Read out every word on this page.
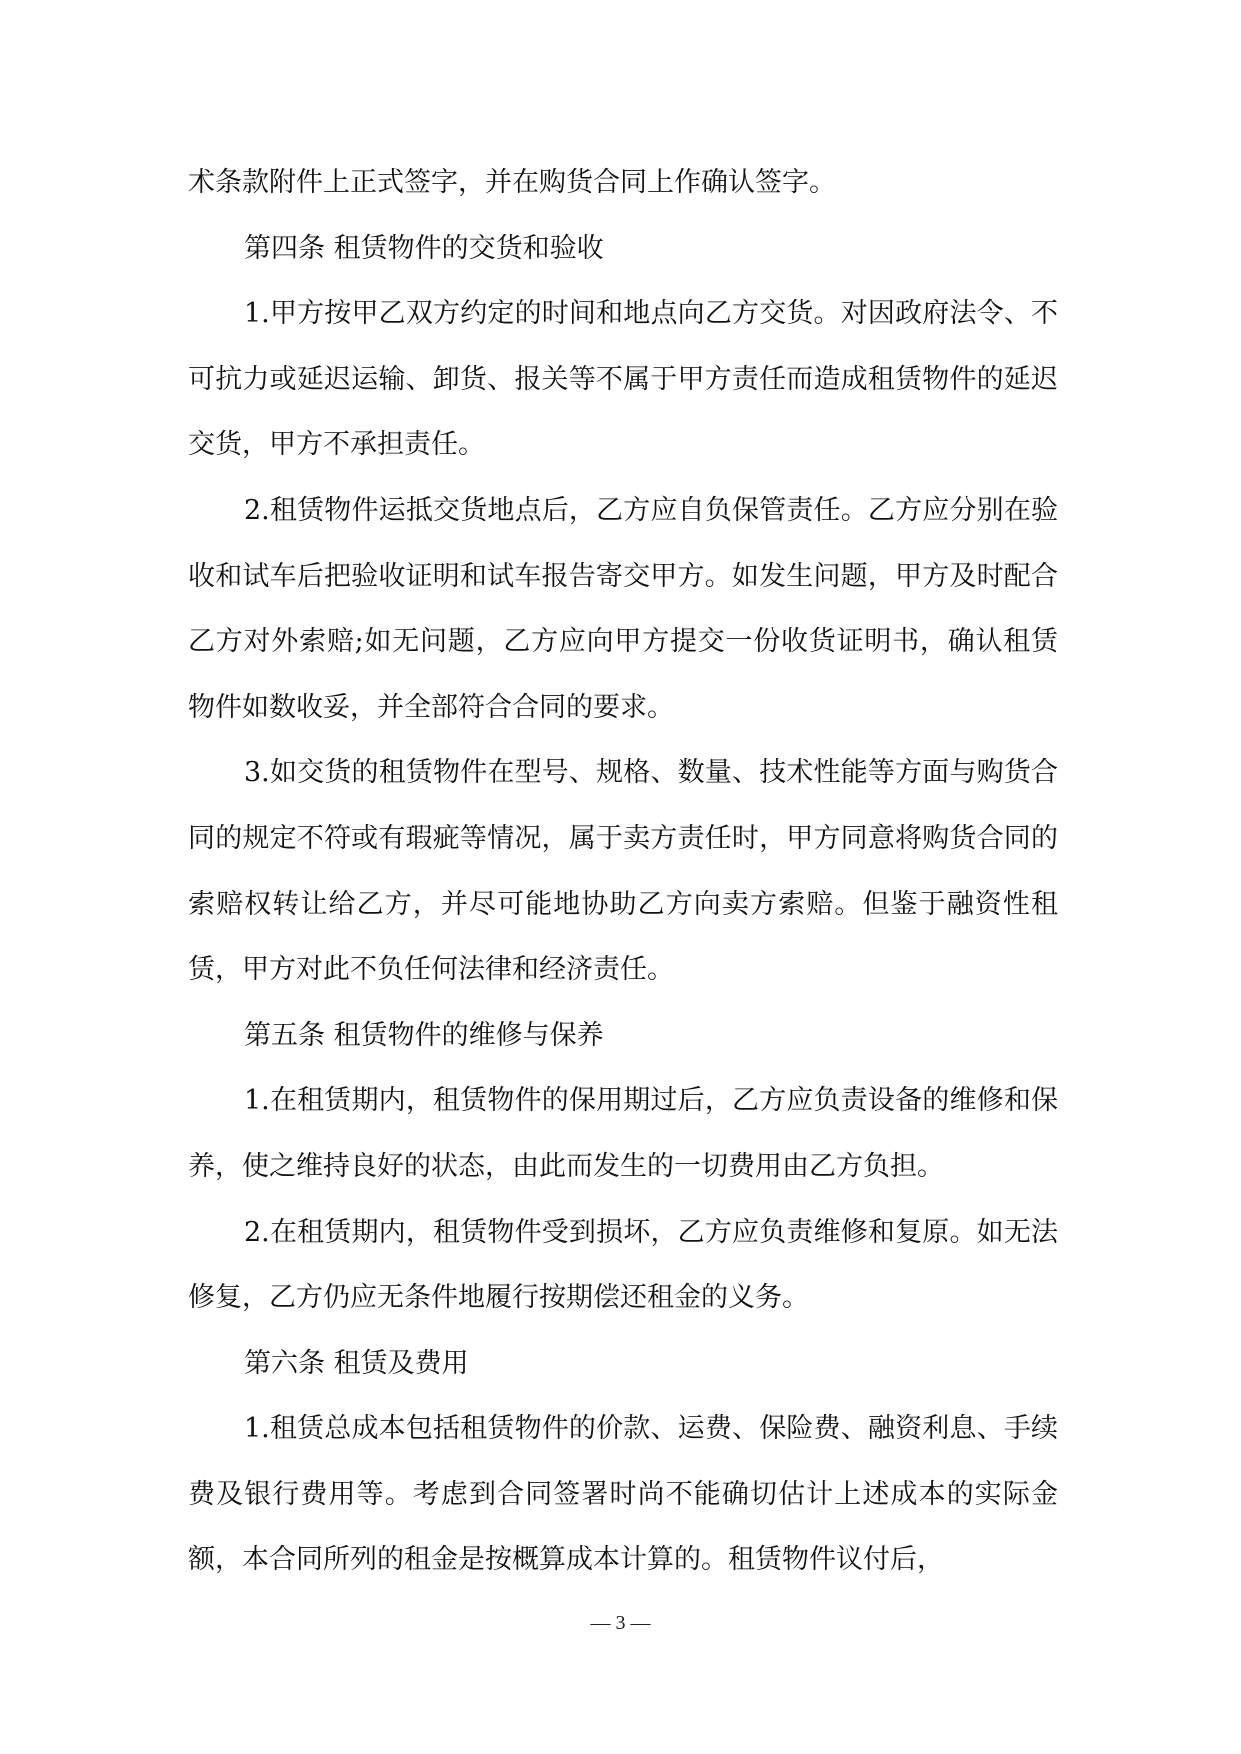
术条款附件上正式签字，并在购货合同上作确认签字。

第四条 租赁物件的交货和验收

1.甲方按甲乙双方约定的时间和地点向乙方交货。对因政府法令、不可抗力或延迟运输、卸货、报关等不属于甲方责任而造成租赁物件的延迟交货，甲方不承担责任。

2.租赁物件运抵交货地点后，乙方应自负保管责任。乙方应分别在验收和试车后把验收证明和试车报告寄交甲方。如发生问题，甲方及时配合乙方对外索赔;如无问题，乙方应向甲方提交一份收货证明书，确认租赁物件如数收妥，并全部符合合同的要求。

3.如交货的租赁物件在型号、规格、数量、技术性能等方面与购货合同的规定不符或有瑕疵等情况，属于卖方责任时，甲方同意将购货合同的索赔权转让给乙方，并尽可能地协助乙方向卖方索赔。但鉴于融资性租赁，甲方对此不负任何法律和经济责任。

第五条 租赁物件的维修与保养

1.在租赁期内，租赁物件的保用期过后，乙方应负责设备的维修和保养，使之维持良好的状态，由此而发生的一切费用由乙方负担。

2.在租赁期内，租赁物件受到损坏，乙方应负责维修和复原。如无法修复，乙方仍应无条件地履行按期偿还租金的义务。

第六条 租赁及费用

1.租赁总成本包括租赁物件的价款、运费、保险费、融资利息、手续费及银行费用等。考虑到合同签署时尚不能确切估计上述成本的实际金额，本合同所列的租金是按概算成本计算的。租赁物件议付后，

— 3 —
